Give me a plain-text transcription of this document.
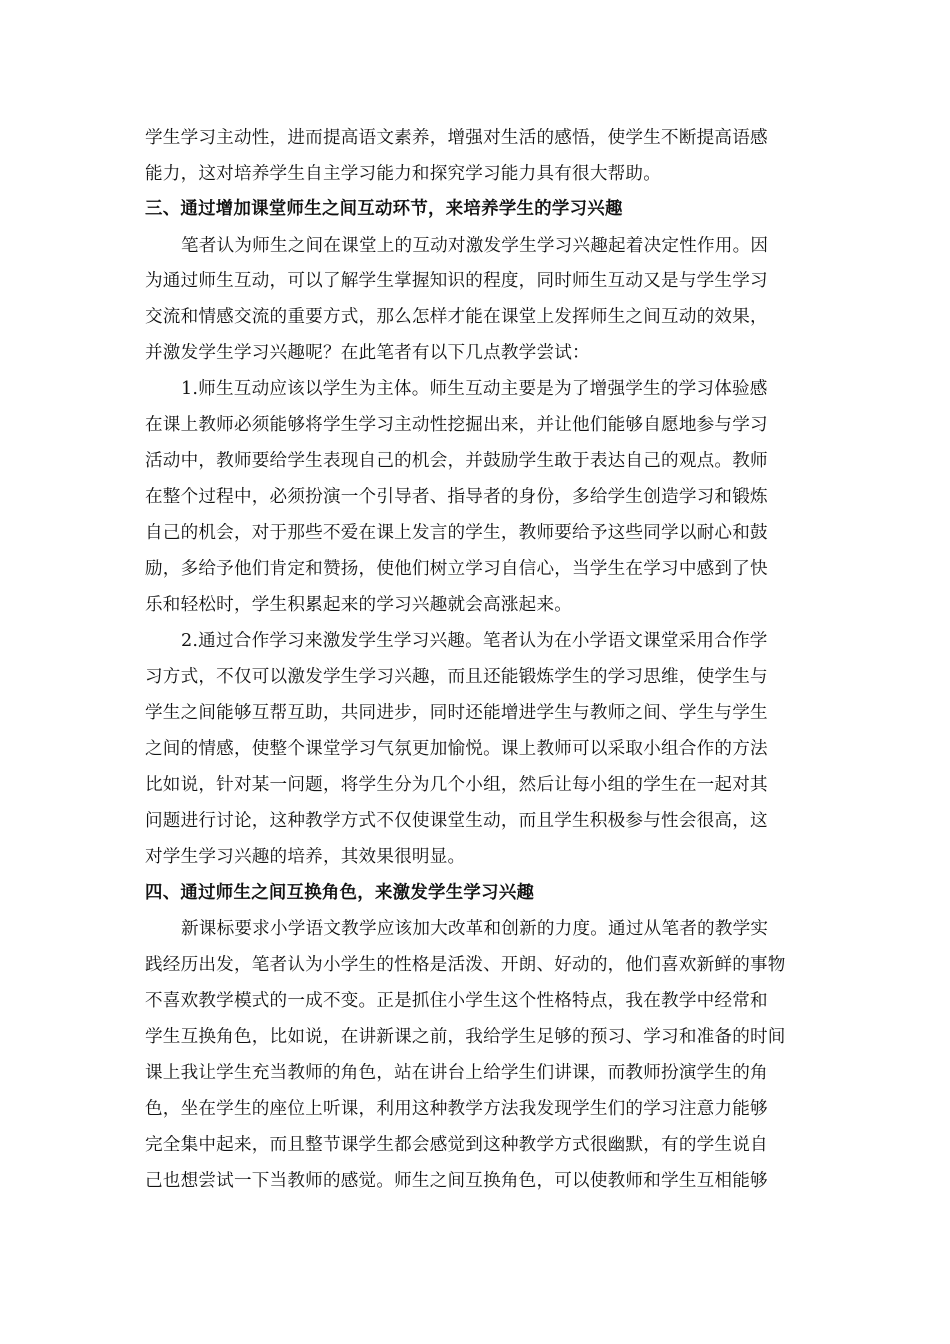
学生学习主动性，进而提高语文素养，增强对生活的感悟，使学生不断提高语感
能力，这对培养学生自主学习能力和探究学习能力具有很大帮助。
三、通过增加课堂师生之间互动环节，来培养学生的学习兴趣
笔者认为师生之间在课堂上的互动对激发学生学习兴趣起着决定性作用。因
为通过师生互动，可以了解学生掌握知识的程度，同时师生互动又是与学生学习
交流和情感交流的重要方式，那么怎样才能在课堂上发挥师生之间互动的效果，
并激发学生学习兴趣呢？在此笔者有以下几点教学尝试：
1.师生互动应该以学生为主体。师生互动主要是为了增强学生的学习体验感
在课上教师必须能够将学生学习主动性挖掘出来，并让他们能够自愿地参与学习
活动中，教师要给学生表现自己的机会，并鼓励学生敢于表达自己的观点。教师
在整个过程中，必须扮演一个引导者、指导者的身份，多给学生创造学习和锻炼
自己的机会，对于那些不爱在课上发言的学生，教师要给予这些同学以耐心和鼓
励，多给予他们肯定和赞扬，使他们树立学习自信心，当学生在学习中感到了快
乐和轻松时，学生积累起来的学习兴趣就会高涨起来。
2.通过合作学习来激发学生学习兴趣。笔者认为在小学语文课堂采用合作学
习方式，不仅可以激发学生学习兴趣，而且还能锻炼学生的学习思维，使学生与
学生之间能够互帮互助，共同进步，同时还能增进学生与教师之间、学生与学生
之间的情感，使整个课堂学习气氛更加愉悦。课上教师可以采取小组合作的方法
比如说，针对某一问题，将学生分为几个小组，然后让每小组的学生在一起对其
问题进行讨论，这种教学方式不仅使课堂生动，而且学生积极参与性会很高，这
对学生学习兴趣的培养，其效果很明显。
四、通过师生之间互换角色，来激发学生学习兴趣
新课标要求小学语文教学应该加大改革和创新的力度。通过从笔者的教学实
践经历出发，笔者认为小学生的性格是活泼、开朗、好动的，他们喜欢新鲜的事物
不喜欢教学模式的一成不变。正是抓住小学生这个性格特点，我在教学中经常和
学生互换角色，比如说，在讲新课之前，我给学生足够的预习、学习和准备的时间
课上我让学生充当教师的角色，站在讲台上给学生们讲课，而教师扮演学生的角
色，坐在学生的座位上听课，利用这种教学方法我发现学生们的学习注意力能够
完全集中起来，而且整节课学生都会感觉到这种教学方式很幽默，有的学生说自
己也想尝试一下当教师的感觉。师生之间互换角色，可以使教师和学生互相能够
